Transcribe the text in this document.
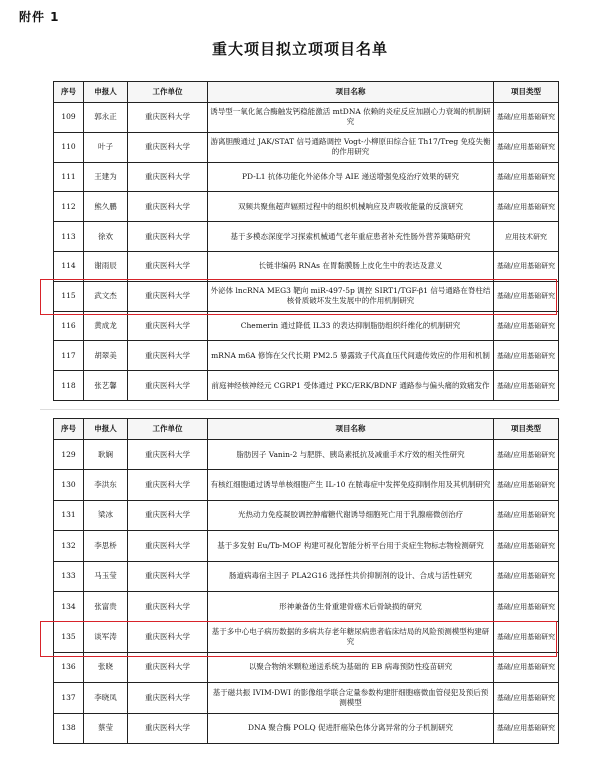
附件 1
重大项目拟立项项目名单
序号	申报人	工作单位	项目名称	项目类型
109	郭永正	重庆医科大学	诱导型一氧化氮合酶触发钙稳能激活 mtDNA 依赖的炎症反应加剧心力衰竭的机制研究	基础/应用基础研究
110	叶子	重庆医科大学	游离胆酸通过 JAK/STAT 信号通路调控 Vogt-小柳原田综合征 Th17/Treg 免疫失衡的作用研究	基础/应用基础研究
111	王建为	重庆医科大学	PD-L1 抗体功能化外泌体介导 AIE 递送增强免疫治疗效果的研究	基础/应用基础研究
112	熊久鹏	重庆医科大学	双频共聚焦超声辐照过程中的组织机械响应及声吸收能量的反演研究	基础/应用基础研究
113	徐欢	重庆医科大学	基于多模态深度学习探索机械通气老年重症患者补充性肠外营养策略研究	应用技术研究
114	谢雨辰	重庆医科大学	长链非编码 RNAs 在胃黏膜肠上皮化生中的表达及意义	基础/应用基础研究
115	武文杰	重庆医科大学	外泌体 lncRNA MEG3 靶向 miR-497-5p 调控 SIRT1/TGF-β1 信号通路在脊柱结核骨质破坏发生发展中的作用机制研究	基础/应用基础研究
116	黄成龙	重庆医科大学	Chemerin 通过降低 IL33 的表达抑制脂肪组织纤维化的机制研究	基础/应用基础研究
117	胡翠美	重庆医科大学	mRNA m6A 修饰在父代长期 PM2.5 暴露致子代高血压代间遗传效应的作用和机制	基础/应用基础研究
118	张艺馨	重庆医科大学	前庭神经核神经元 CGRP1 受体通过 PKC/ERK/BDNF 通路参与偏头痛的致痛发作	基础/应用基础研究
序号	申报人	工作单位	项目名称	项目类型
129	耿娴	重庆医科大学	脂肪因子 Vanin-2 与肥胖、胰岛素抵抗及减重手术疗效的相关性研究	基础/应用基础研究
130	李洪东	重庆医科大学	有核红细胞通过诱导单核细胞产生 IL-10 在脓毒症中发挥免疫抑制作用及其机制研究	基础/应用基础研究
131	梁冰	重庆医科大学	光热动力免疫凝胶调控肿瘤糖代谢诱导细胞死亡用于乳腺癌微创治疗	基础/应用基础研究
132	李思桥	重庆医科大学	基于多发射 Eu/Tb-MOF 构建可视化智能分析平台用于炎症生物标志物检测研究	基础/应用基础研究
133	马玉莹	重庆医科大学	肠道病毒宿主因子 PLA2G16 选择性共价抑制剂的设计、合成与活性研究	基础/应用基础研究
134	张富贵	重庆医科大学	形神兼备仿生骨重建骨癌术后骨缺损的研究	基础/应用基础研究
135	谈军涛	重庆医科大学	基于多中心电子病历数据的多病共存老年糖尿病患者临床结局的风险预测模型构建研究	基础/应用基础研究
136	张晓	重庆医科大学	以聚合物纳米颗粒递送系统为基础的 EB 病毒预防性疫苗研究	基础/应用基础研究
137	李晓凤	重庆医科大学	基于磁共振 IVIM-DWI 的影像组学联合定量参数构建肝细胞癌微血管侵犯及预后预测模型	基础/应用基础研究
138	蔡莹	重庆医科大学	DNA 聚合酶 POLQ 促进肝癌染色体分离异常的分子机制研究	基础/应用基础研究
